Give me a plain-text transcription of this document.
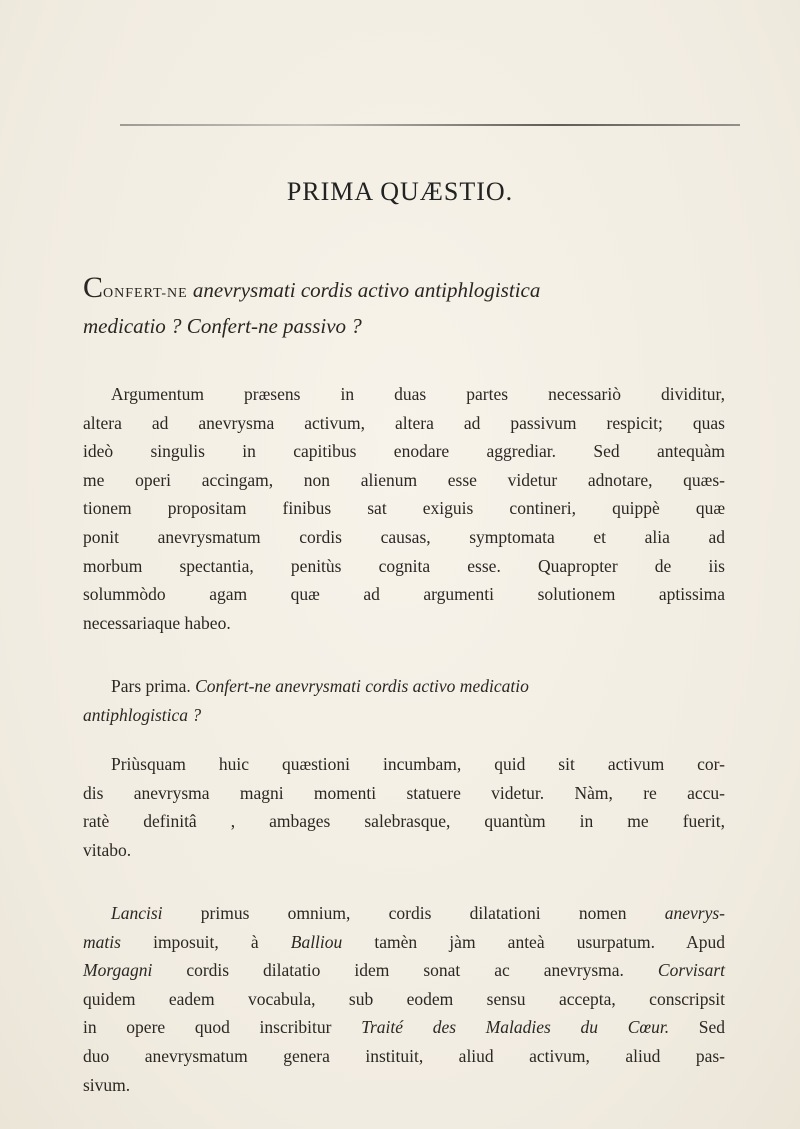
PRIMA QUÆSTIO.
CONFERT-NE anevrysmati cordis activo antiphlogistica
medicatio ? Confert-ne passivo ?
Argumentum præsens in duas partes necessariò dividitur,
altera ad anevrysma activum, altera ad passivum respicit; quas
ideò singulis in capitibus enodare aggrediar. Sed antequàm
me operi accingam, non alienum esse videtur adnotare, quæs-
tionem propositam finibus sat exiguis contineri, quippè quæ
ponit anevrysmatum cordis causas, symptomata et alia ad
morbum spectantia, penitùs cognita esse. Quapropter de iis
solummòdo agam quæ ad argumenti solutionem aptissima
necessariaque habeo.
Pars prima. Confert-ne anevrysmati cordis activo medicatio
antiphlogistica ?
Priùsquam huic quæstioni incumbam, quid sit activum cor-
dis anevrysma magni momenti statuere videtur. Nàm, re accu-
ratè definitâ , ambages salebrasque, quantùm in me fuerit,
vitabo.
Lancisi primus omnium, cordis dilatationi nomen anevrys-
matis imposuit, à Balliou tamèn jàm anteà usurpatum. Apud
Morgagni cordis dilatatio idem sonat ac anevrysma. Corvisart
quidem eadem vocabula, sub eodem sensu accepta, conscripsit
in opere quod inscribitur Traité des Maladies du Cœur. Sed
duo anevrysmatum genera instituit, aliud activum, aliud pas-
sivum.
